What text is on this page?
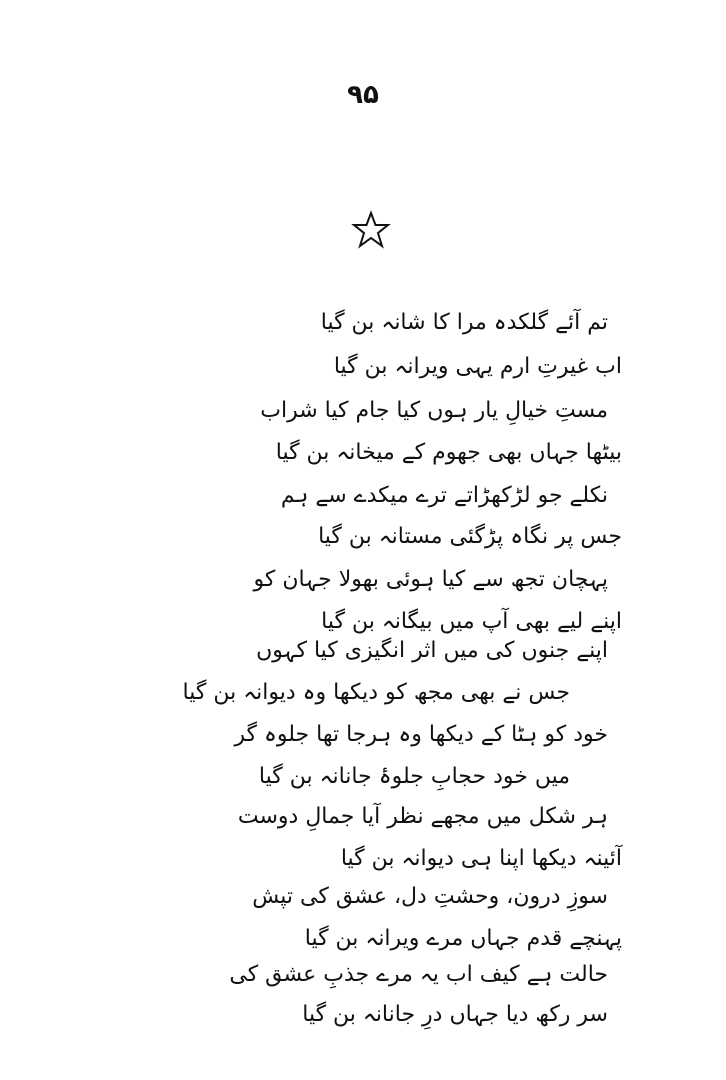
۹۵
تم آئے گلکدہ مرا کا شانہ بن گیا
اب غیرتِ ارم یہی ویرانہ بن گیا
مستِ خیالِ یار ہوں کیا جام کیا شراب
بیٹھا جہاں بھی جھوم کے میخانہ بن گیا
نکلے جو لڑکھڑاتے ترے میکدے سے ہم
جس پر نگاہ پڑگئی مستانہ بن گیا
پہچان تجھ سے کیا ہوئی بھولا جہان کو
اپنے لیے بھی آپ میں بیگانہ بن گیا
اپنے جنوں کی میں اثر انگیزی کیا کہوں
جس نے بھی مجھ کو دیکھا وہ دیوانہ بن گیا
خود کو ہٹا کے دیکھا وہ ہرجا تھا جلوہ گر
میں خود حجابِ جلوۂ جانانہ بن گیا
ہر شکل میں مجھے نظر آیا جمالِ دوست
آئینہ دیکھا اپنا ہی دیوانہ بن گیا
سوزِ درون، وحشتِ دل، عشق کی تپش
پہنچے قدم جہاں مرے ویرانہ بن گیا
حالت ہے کیف اب یہ مرے جذبِ عشق کی
سر رکھ دیا جہاں درِ جانانہ بن گیا
